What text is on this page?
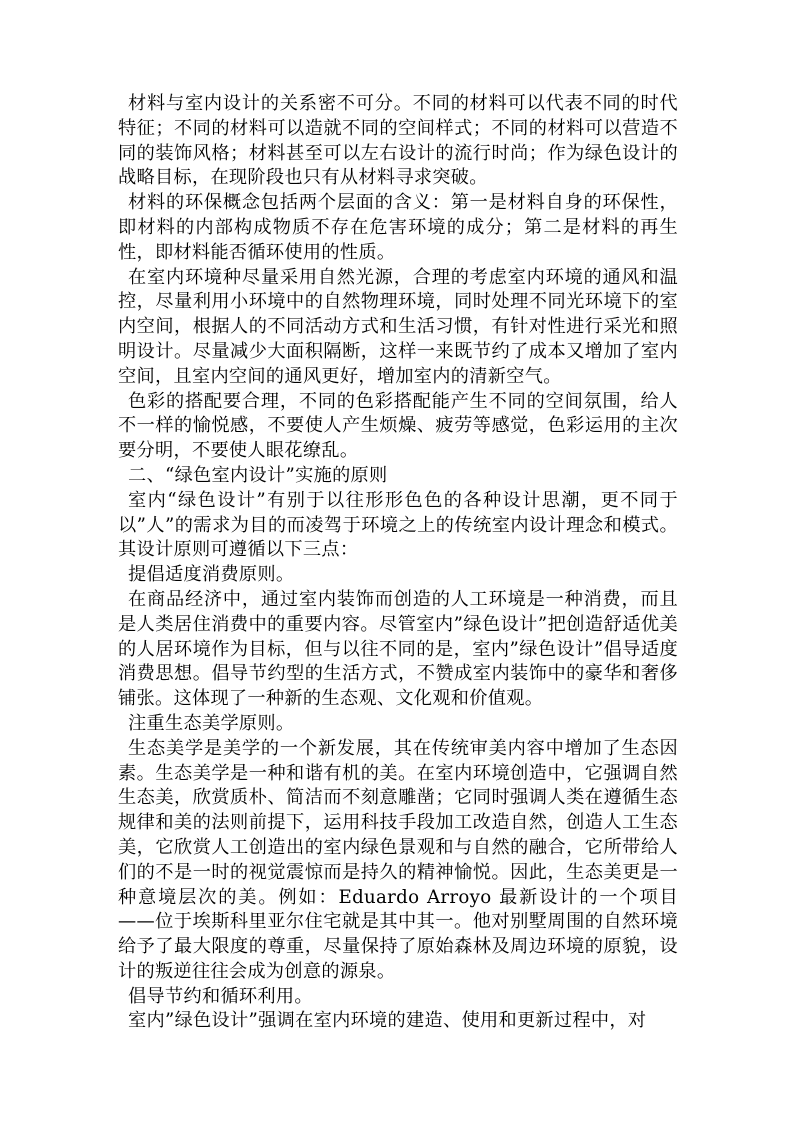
材料与室内设计的关系密不可分。不同的材料可以代表不同的时代特征；不同的材料可以造就不同的空间样式；不同的材料可以营造不同的装饰风格；材料甚至可以左右设计的流行时尚；作为绿色设计的战略目标，在现阶段也只有从材料寻求突破。

材料的环保概念包括两个层面的含义：第一是材料自身的环保性，即材料的内部构成物质不存在危害环境的成分；第二是材料的再生性，即材料能否循环使用的性质。

在室内环境种尽量采用自然光源，合理的考虑室内环境的通风和温控，尽量利用小环境中的自然物理环境，同时处理不同光环境下的室内空间，根据人的不同活动方式和生活习惯，有针对性进行采光和照明设计。尽量减少大面积隔断，这样一来既节约了成本又增加了室内空间，且室内空间的通风更好，增加室内的清新空气。

色彩的搭配要合理，不同的色彩搭配能产生不同的空间氛围，给人不一样的愉悦感，不要使人产生烦燥、疲劳等感觉，色彩运用的主次要分明，不要使人眼花缭乱。

二、“绿色室内设计”实施的原则

室内“绿色设计”有别于以往形形色色的各种设计思潮，更不同于以”人”的需求为目的而凌驾于环境之上的传统室内设计理念和模式。其设计原则可遵循以下三点：

提倡适度消费原则。

在商品经济中，通过室内装饰而创造的人工环境是一种消费，而且是人类居住消费中的重要内容。尽管室内”绿色设计”把创造舒适优美的人居环境作为目标，但与以往不同的是，室内”绿色设计”倡导适度消费思想。倡导节约型的生活方式，不赞成室内装饰中的豪华和奢侈铺张。这体现了一种新的生态观、文化观和价值观。

注重生态美学原则。

生态美学是美学的一个新发展，其在传统审美内容中增加了生态因素。生态美学是一种和谐有机的美。在室内环境创造中，它强调自然生态美，欣赏质朴、简洁而不刻意雕凿；它同时强调人类在遵循生态规律和美的法则前提下，运用科技手段加工改造自然，创造人工生态美，它欣赏人工创造出的室内绿色景观和与自然的融合，它所带给人们的不是一时的视觉震惊而是持久的精神愉悦。因此，生态美更是一种意境层次的美。例如：Eduardo Arroyo 最新设计的一个项目——位于埃斯科里亚尔住宅就是其中其一。他对别墅周围的自然环境给予了最大限度的尊重，尽量保持了原始森林及周边环境的原貌，设计的叛逆往往会成为创意的源泉。

倡导节约和循环利用。

室内”绿色设计”强调在室内环境的建造、使用和更新过程中，对
